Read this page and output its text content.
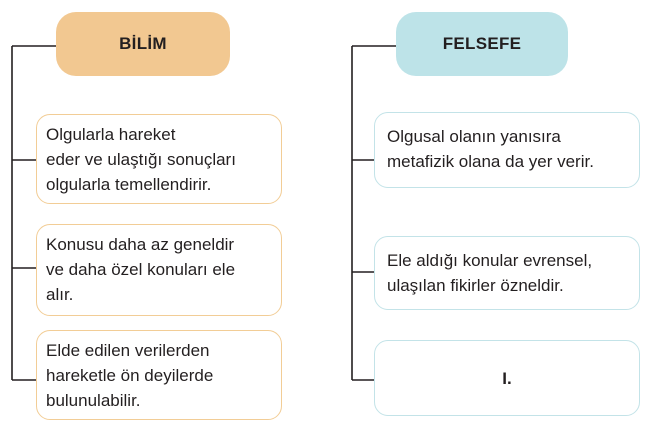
BİLİM	FELSEFE
Olgularla hareket
eder ve ulaştığı sonuçları
olgularla temellendirir.
Konusu daha az geneldir
ve daha özel konuları ele
alır.
Elde edilen verilerden
hareketle ön deyilerde
bulunulabilir.
Olgusal olanın yanısıra
metafizik olana da yer verir.
Ele aldığı konular evrensel,
ulaşılan fikirler özneldir.
I.
